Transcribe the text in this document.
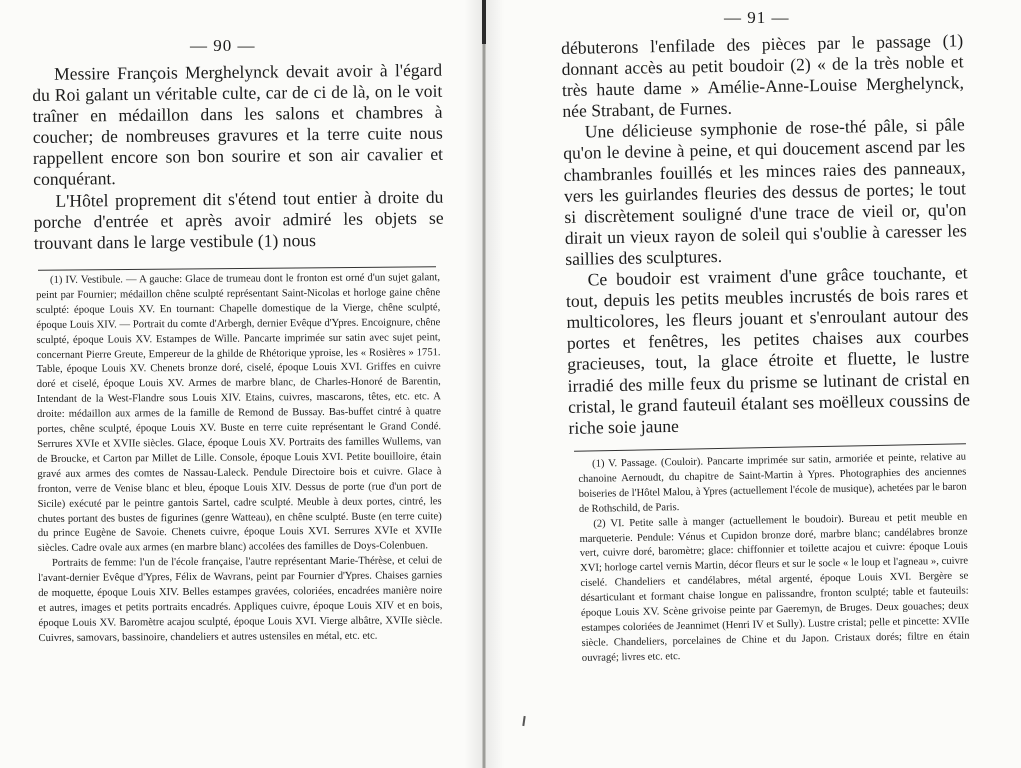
— 90 —

Messire François Merghelynck devait avoir à l'égard du Roi galant un véritable culte, car de ci de là, on le voit traîner en médaillon dans les salons et chambres à coucher; de nombreuses gravures et la terre cuite nous rappellent encore son bon sourire et son air cavalier et conquérant.

L'Hôtel proprement dit s'étend tout entier à droite du porche d'entrée et après avoir admiré les objets se trouvant dans le large vestibule (1) nous

(1) IV. Vestibule. — A gauche: Glace de trumeau dont le fronton est orné d'un sujet galant, peint par Fournier; médaillon chêne sculpté représentant Saint-Nicolas et horloge gaine chêne sculpté: époque Louis XV. En tournant: Chapelle domestique de la Vierge, chêne sculpté, époque Louis XIV. — Portrait du comte d'Arbergh, dernier Evêque d'Ypres. Encoignure, chêne sculpté, époque Louis XV. Estampes de Wille. Pancarte imprimée sur satin avec sujet peint, concernant Pierre Greute, Empereur de la ghilde de Rhétorique yproise, les « Rosières » 1751. Table, époque Louis XV. Chenets bronze doré, ciselé, époque Louis XVI. Griffes en cuivre doré et ciselé, époque Louis XV. Armes de marbre blanc, de Charles-Honoré de Barentin, Intendant de la West-Flandre sous Louis XIV. Etains, cuivres, mascarons, têtes, etc. etc. A droite: médaillon aux armes de la famille de Remond de Bussay. Bas-buffet cintré à quatre portes, chêne sculpté, époque Louis XV. Buste en terre cuite représentant le Grand Condé. Serrures XVIe et XVIIe siècles. Glace, époque Louis XV. Portraits des familles Wullems, van de Broucke, et Carton par Millet de Lille. Console, époque Louis XVI. Petite bouilloire, étain gravé aux armes des comtes de Nassau-Laleck. Pendule Directoire bois et cuivre. Glace à fronton, verre de Venise blanc et bleu, époque Louis XIV. Dessus de porte (rue d'un port de Sicile) exécuté par le peintre gantois Sartel, cadre sculpté. Meuble à deux portes, cintré, les chutes portant des bustes de figurines (genre Watteau), en chêne sculpté. Buste (en terre cuite) du prince Eugène de Savoie. Chenets cuivre, époque Louis XVI. Serrures XVIe et XVIIe siècles. Cadre ovale aux armes (en marbre blanc) accolées des familles de Doys-Colenbuen.

Portraits de femme: l'un de l'école française, l'autre représentant Marie-Thérèse, et celui de l'avant-dernier Evêque d'Ypres, Félix de Wavrans, peint par Fournier d'Ypres. Chaises garnies de moquette, époque Louis XIV. Belles estampes gravées, coloriées, encadrées manière noire et autres, images et petits portraits encadrés. Appliques cuivre, époque Louis XIV et en bois, époque Louis XV. Baromètre acajou sculpté, époque Louis XVI. Vierge albâtre, XVIIe siècle. Cuivres, samovars, bassinoire, chandeliers et autres ustensiles en métal, etc. etc.

— 91 —

débuterons l'enfilade des pièces par le passage (1) donnant accès au petit boudoir (2) « de la très noble et très haute dame » Amélie-Anne-Louise Merghelynck, née Strabant, de Furnes.

Une délicieuse symphonie de rose-thé pâle, si pâle qu'on le devine à peine, et qui doucement ascend par les chambranles fouillés et les minces raies des panneaux, vers les guirlandes fleuries des dessus de portes; le tout si discrètement souligné d'une trace de vieil or, qu'on dirait un vieux rayon de soleil qui s'oublie à caresser les saillies des sculptures.

Ce boudoir est vraiment d'une grâce touchante, et tout, depuis les petits meubles incrustés de bois rares et multicolores, les fleurs jouant et s'enroulant autour des portes et fenêtres, les petites chaises aux courbes gracieuses, tout, la glace étroite et fluette, le lustre irradié des mille feux du prisme se lutinant de cristal en cristal, le grand fauteuil étalant ses moëlleux coussins de riche soie jaune

(1) V. Passage. (Couloir). Pancarte imprimée sur satin, armoriée et peinte, relative au chanoine Aernoudt, du chapitre de Saint-Martin à Ypres. Photographies des anciennes boiseries de l'Hôtel Malou, à Ypres (actuellement l'école de musique), achetées par le baron de Rothschild, de Paris.

(2) VI. Petite salle à manger (actuellement le boudoir). Bureau et petit meuble en marqueterie. Pendule: Vénus et Cupidon bronze doré, marbre blanc; candélabres bronze vert, cuivre doré, baromètre; glace: chiffonnier et toilette acajou et cuivre: époque Louis XVI; horloge cartel vernis Martin, décor fleurs et sur le socle « le loup et l'agneau », cuivre ciselé. Chandeliers et candélabres, métal argenté, époque Louis XVI. Bergère se désarticulant et formant chaise longue en palissandre, fronton sculpté; table et fauteuils: époque Louis XV. Scène grivoise peinte par Gaeremyn, de Bruges. Deux gouaches; deux estampes coloriées de Jeannimet (Henri IV et Sully). Lustre cristal; pelle et pincette: XVIIe siècle. Chandeliers, porcelaines de Chine et du Japon. Cristaux dorés; filtre en étain ouvragé; livres etc. etc.
